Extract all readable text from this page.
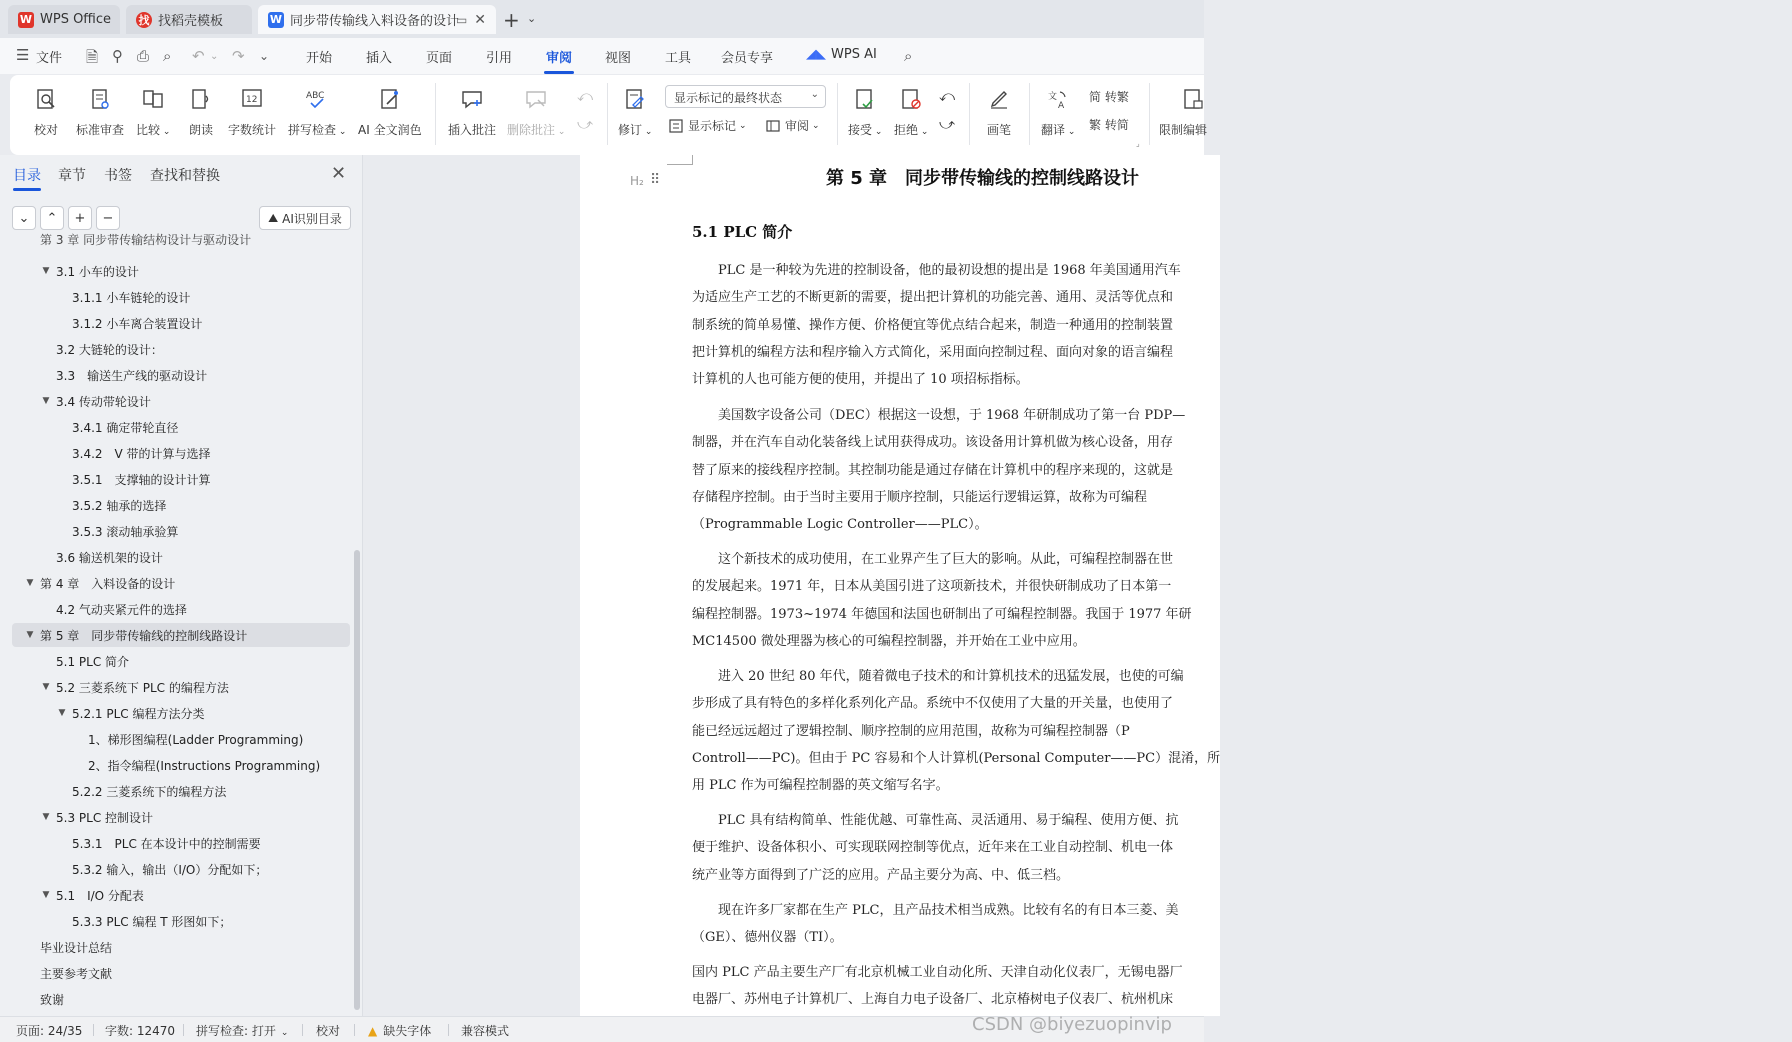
W WPS Office 找 找稻壳模板	W 同步带传输线入料设备的设计
▭ ✕ + ⌄
☰ 文件 🗎 ⚲ ⎙ ⌕ ↶ ⌄ ↷ ⌄	开始	插入	页面	引用	审阅	视图	工具 会员专享	◢◣ WPS AI ⌕
校对 标准审查 比较 ⌄ 朗读
12
字数统计
ABC
拼写检查 ⌄ AI 全文润色 插入批注 删除批注 ⌄
⤺
⤻ 修订 ⌄
显示标记的最终状态	⌄
显示标记 ⌄	审阅 ⌄ 接受 ⌄ 拒绝 ⌄
⤺
⤻	画笔
文
A
翻译 ⌄
简 转繁
繁 转简
⌟
限制编辑
目录 章节 书签 查找和替换	✕
⌄ ⌃ + −	⛰ AI识别目录
第 3 章 同步带传输结构设计与驱动设计
▼ 3.1 小车的设计
3.1.1 小车链轮的设计
3.1.2 小车离合装置设计
3.2 大链轮的设计：
3.3　输送生产线的驱动设计
▼ 3.4 传动带轮设计
3.4.1 确定带轮直径
3.4.2　V 带的计算与选择
3.5.1　支撑轴的设计计算
3.5.2 轴承的选择
3.5.3 滚动轴承验算
3.6 输送机架的设计
▼ 第 4 章　入料设备的设计
4.2 气动夹紧元件的选择
▼ 第 5 章　同步带传输线的控制线路设计
5.1 PLC 简介
▼ 5.2 三菱系统下 PLC 的编程方法
▼ 5.2.1 PLC 编程方法分类
1、梯形图编程(Ladder Programming)
2、指令编程(Instructions Programming)
5.2.2 三菱系统下的编程方法
▼ 5.3 PLC 控制设计
5.3.1　PLC 在本设计中的控制需要
5.3.2 输入，输出（I/O）分配如下；
▼ 5.1　I/O 分配表
5.3.3 PLC 编程 T 形图如下；
毕业设计总结
主要参考文献
致谢
H₂ ⠿	第 5 章　同步带传输线的控制线路设计
5.1 PLC 简介
　　PLC 是一种较为先进的控制设备，他的最初设想的提出是 1968 年美国通用汽车
为适应生产工艺的不断更新的需要，提出把计算机的功能完善、通用、灵活等优点和
制系统的简单易懂、操作方便、价格便宜等优点结合起来，制造一种通用的控制装置
把计算机的编程方法和程序输入方式简化，采用面向控制过程、面向对象的语言编程
计算机的人也可能方便的使用，并提出了 10 项招标指标。
　　美国数字设备公司（DEC）根据这一设想，于 1968 年研制成功了第一台 PDP—
制器，并在汽车自动化装备线上试用获得成功。该设备用计算机做为核心设备，用存
替了原来的接线程序控制。其控制功能是通过存储在计算机中的程序来现的，这就是
存储程序控制。由于当时主要用于顺序控制，只能运行逻辑运算，故称为可编程
（Programmable Logic Controller——PLC）。
　　这个新技术的成功使用，在工业界产生了巨大的影响。从此，可编程控制器在世
的发展起来。1971 年，日本从美国引进了这项新技术，并很快研制成功了日本第一
编程控制器。1973~1974 年德国和法国也研制出了可编程控制器。我国于 1977 年研
MC14500 微处理器为核心的可编程控制器，并开始在工业中应用。
　　进入 20 世纪 80 年代，随着微电子技术的和计算机技术的迅猛发展，也使的可编
步形成了具有特色的多样化系列化产品。系统中不仅使用了大量的开关量，也使用了
能已经远远超过了逻辑控制、顺序控制的应用范围，故称为可编程控制器（P
Controll——PC)。但由于 PC 容易和个人计算机(Personal Computer——PC）混淆，所
用 PLC 作为可编程控制器的英文缩写名字。
　　PLC 具有结构简单、性能优越、可靠性高、灵活通用、易于编程、使用方便、抗
便于维护、设备体积小、可实现联网控制等优点，近年来在工业自动控制、机电一体
统产业等方面得到了广泛的应用。产品主要分为高、中、低三档。
　　现在许多厂家都在生产 PLC，且产品技术相当成熟。比较有名的有日本三菱、美
（GE）、德州仪器（TI）。
国内 PLC 产品主要生产厂有北京机械工业自动化所、天津自动化仪表厂，无锡电器厂
电器厂、苏州电子计算机厂、上海自力电子设备厂、北京椿树电子仪表厂、杭州机床
页面: 24/35 字数: 12470 拼写检查: 打开 ⌄ 校对 ▲ 缺失字体 兼容模式	CSDN @biyezuopinvip
